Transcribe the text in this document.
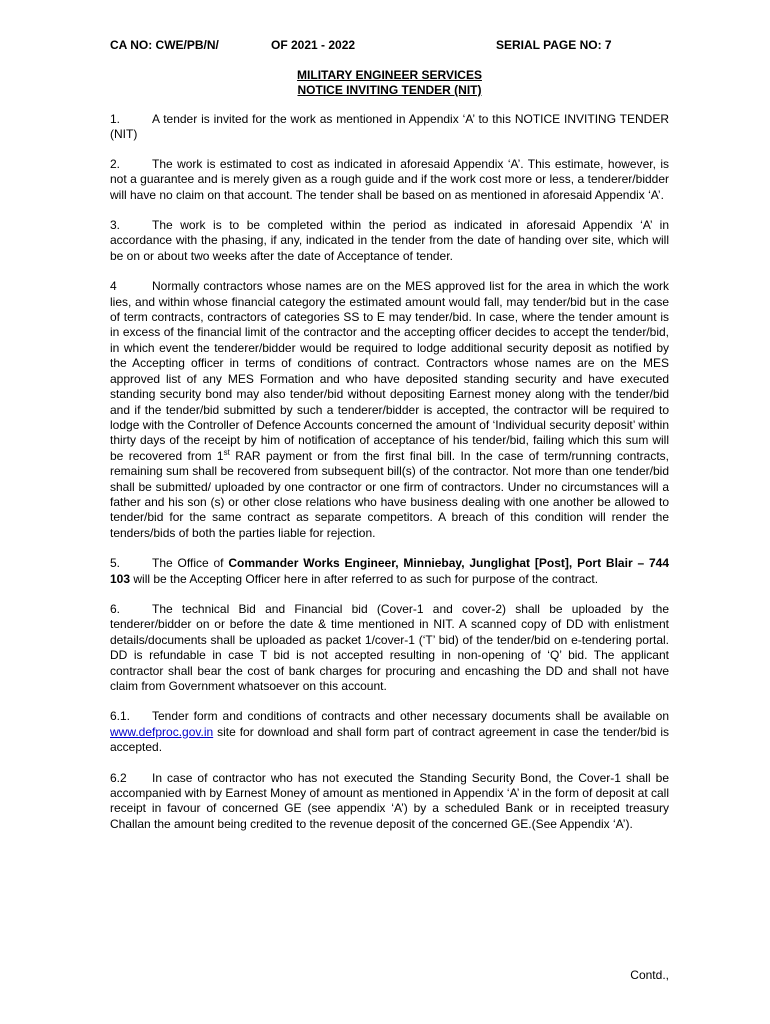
CA NO: CWE/PB/N/	OF 2021 - 2022	SERIAL PAGE NO: 7
MILITARY ENGINEER SERVICES
NOTICE INVITING TENDER (NIT)

1.	A tender is invited for the work as mentioned in Appendix ‘A’ to this NOTICE INVITING TENDER (NIT)

2.	The work is estimated to cost as indicated in aforesaid Appendix ‘A’. This estimate, however, is not a guarantee and is merely given as a rough guide and if the work cost more or less, a tenderer/bidder will have no claim on that account. The tender shall be based on as mentioned in aforesaid Appendix ‘A’.

3.	The work is to be completed within the period as indicated in aforesaid Appendix ‘A’ in accordance with the phasing, if any, indicated in the tender from the date of handing over site, which will be on or about two weeks after the date of Acceptance of tender.

4	Normally contractors whose names are on the MES approved list for the area in which the work lies, and within whose financial category the estimated amount would fall, may tender/bid but in the case of term contracts, contractors of categories SS to E may tender/bid. In case, where the tender amount is in excess of the financial limit of the contractor and the accepting officer decides to accept the tender/bid, in which event the tenderer/bidder would be required to lodge additional security deposit as notified by the Accepting officer in terms of conditions of contract. Contractors whose names are on the MES approved list of any MES Formation and who have deposited standing security and have executed standing security bond may also tender/bid without depositing Earnest money along with the tender/bid and if the tender/bid submitted by such a tenderer/bidder is accepted, the contractor will be required to lodge with the Controller of Defence Accounts concerned the amount of ‘Individual security deposit’ within thirty days of the receipt by him of notification of acceptance of his tender/bid, failing which this sum will be recovered from 1st RAR payment or from the first final bill. In the case of term/running contracts, remaining sum shall be recovered from subsequent bill(s) of the contractor. Not more than one tender/bid shall be submitted/ uploaded by one contractor or one firm of contractors. Under no circumstances will a father and his son (s) or other close relations who have business dealing with one another be allowed to tender/bid for the same contract as separate competitors. A breach of this condition will render the tenders/bids of both the parties liable for rejection.

5.	The Office of Commander Works Engineer, Minniebay, Junglighat [Post], Port Blair – 744 103 will be the Accepting Officer here in after referred to as such for purpose of the contract.

6.	The technical Bid and Financial bid (Cover-1 and cover-2) shall be uploaded by the tenderer/bidder on or before the date & time mentioned in NIT. A scanned copy of DD with enlistment details/documents shall be uploaded as packet 1/cover-1 (‘T’ bid) of the tender/bid on e-tendering portal. DD is refundable in case T bid is not accepted resulting in non-opening of ‘Q’ bid. The applicant contractor shall bear the cost of bank charges for procuring and encashing the DD and shall not have claim from Government whatsoever on this account.

6.1. Tender form and conditions of contracts and other necessary documents shall be available on www.defproc.gov.in site for download and shall form part of contract agreement in case the tender/bid is accepted.

6.2 In case of contractor who has not executed the Standing Security Bond, the Cover-1 shall be accompanied with by Earnest Money of amount as mentioned in Appendix ‘A’ in the form of deposit at call receipt in favour of concerned GE (see appendix ‘A’) by a scheduled Bank or in receipted treasury Challan the amount being credited to the revenue deposit of the concerned GE.(See Appendix ‘A’).

Contd.,
